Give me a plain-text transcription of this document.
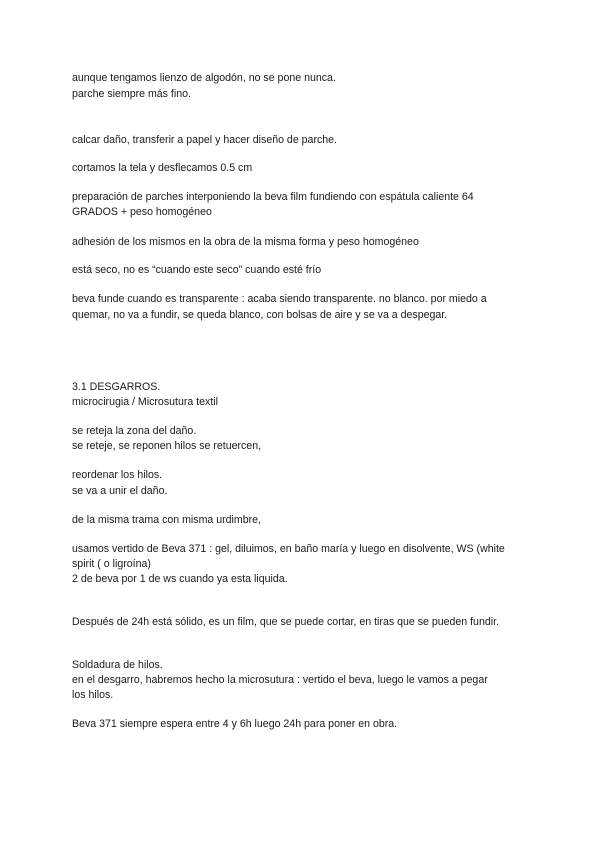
aunque tengamos lienzo de algodón, no se pone nunca.

parche siempre más fino.

calcar daño, transferir a papel y hacer diseño de parche.

cortamos la tela y desflecamos 0.5 cm

preparación de parches interponiendo la beva film fundiendo con espátula caliente 64

GRADOS + peso homogéneo

adhesión de los mismos en la obra de la misma forma y peso homogéneo

está seco, no es “cuando este seco” cuando esté frío

beva funde cuando es transparente : acaba siendo transparente. no blanco. por miedo a

quemar, no va a fundir, se queda blanco, con bolsas de aire y se va a despegar.

3.1 DESGARROS.

microcirugia / Microsutura textil

se reteja la zona del daño.

se reteje, se reponen hilos se retuercen,

reordenar los hilos.

se va a unir el daño.

de la misma trama con misma urdimbre,

usamos vertido de Beva 371 : gel, diluimos, en baño maría y luego en disolvente, WS (white

spirit ( o ligroína)

2 de beva por 1 de ws cuando ya esta liquida.

Después de 24h está sólido, es un film, que se puede cortar, en tiras que se pueden fundir.

Soldadura de hilos.

en el desgarro, habremos hecho la microsutura : vertido el beva, luego le vamos a pegar

los hilos.

Beva 371 siempre espera entre 4 y 6h luego 24h para poner en obra.
